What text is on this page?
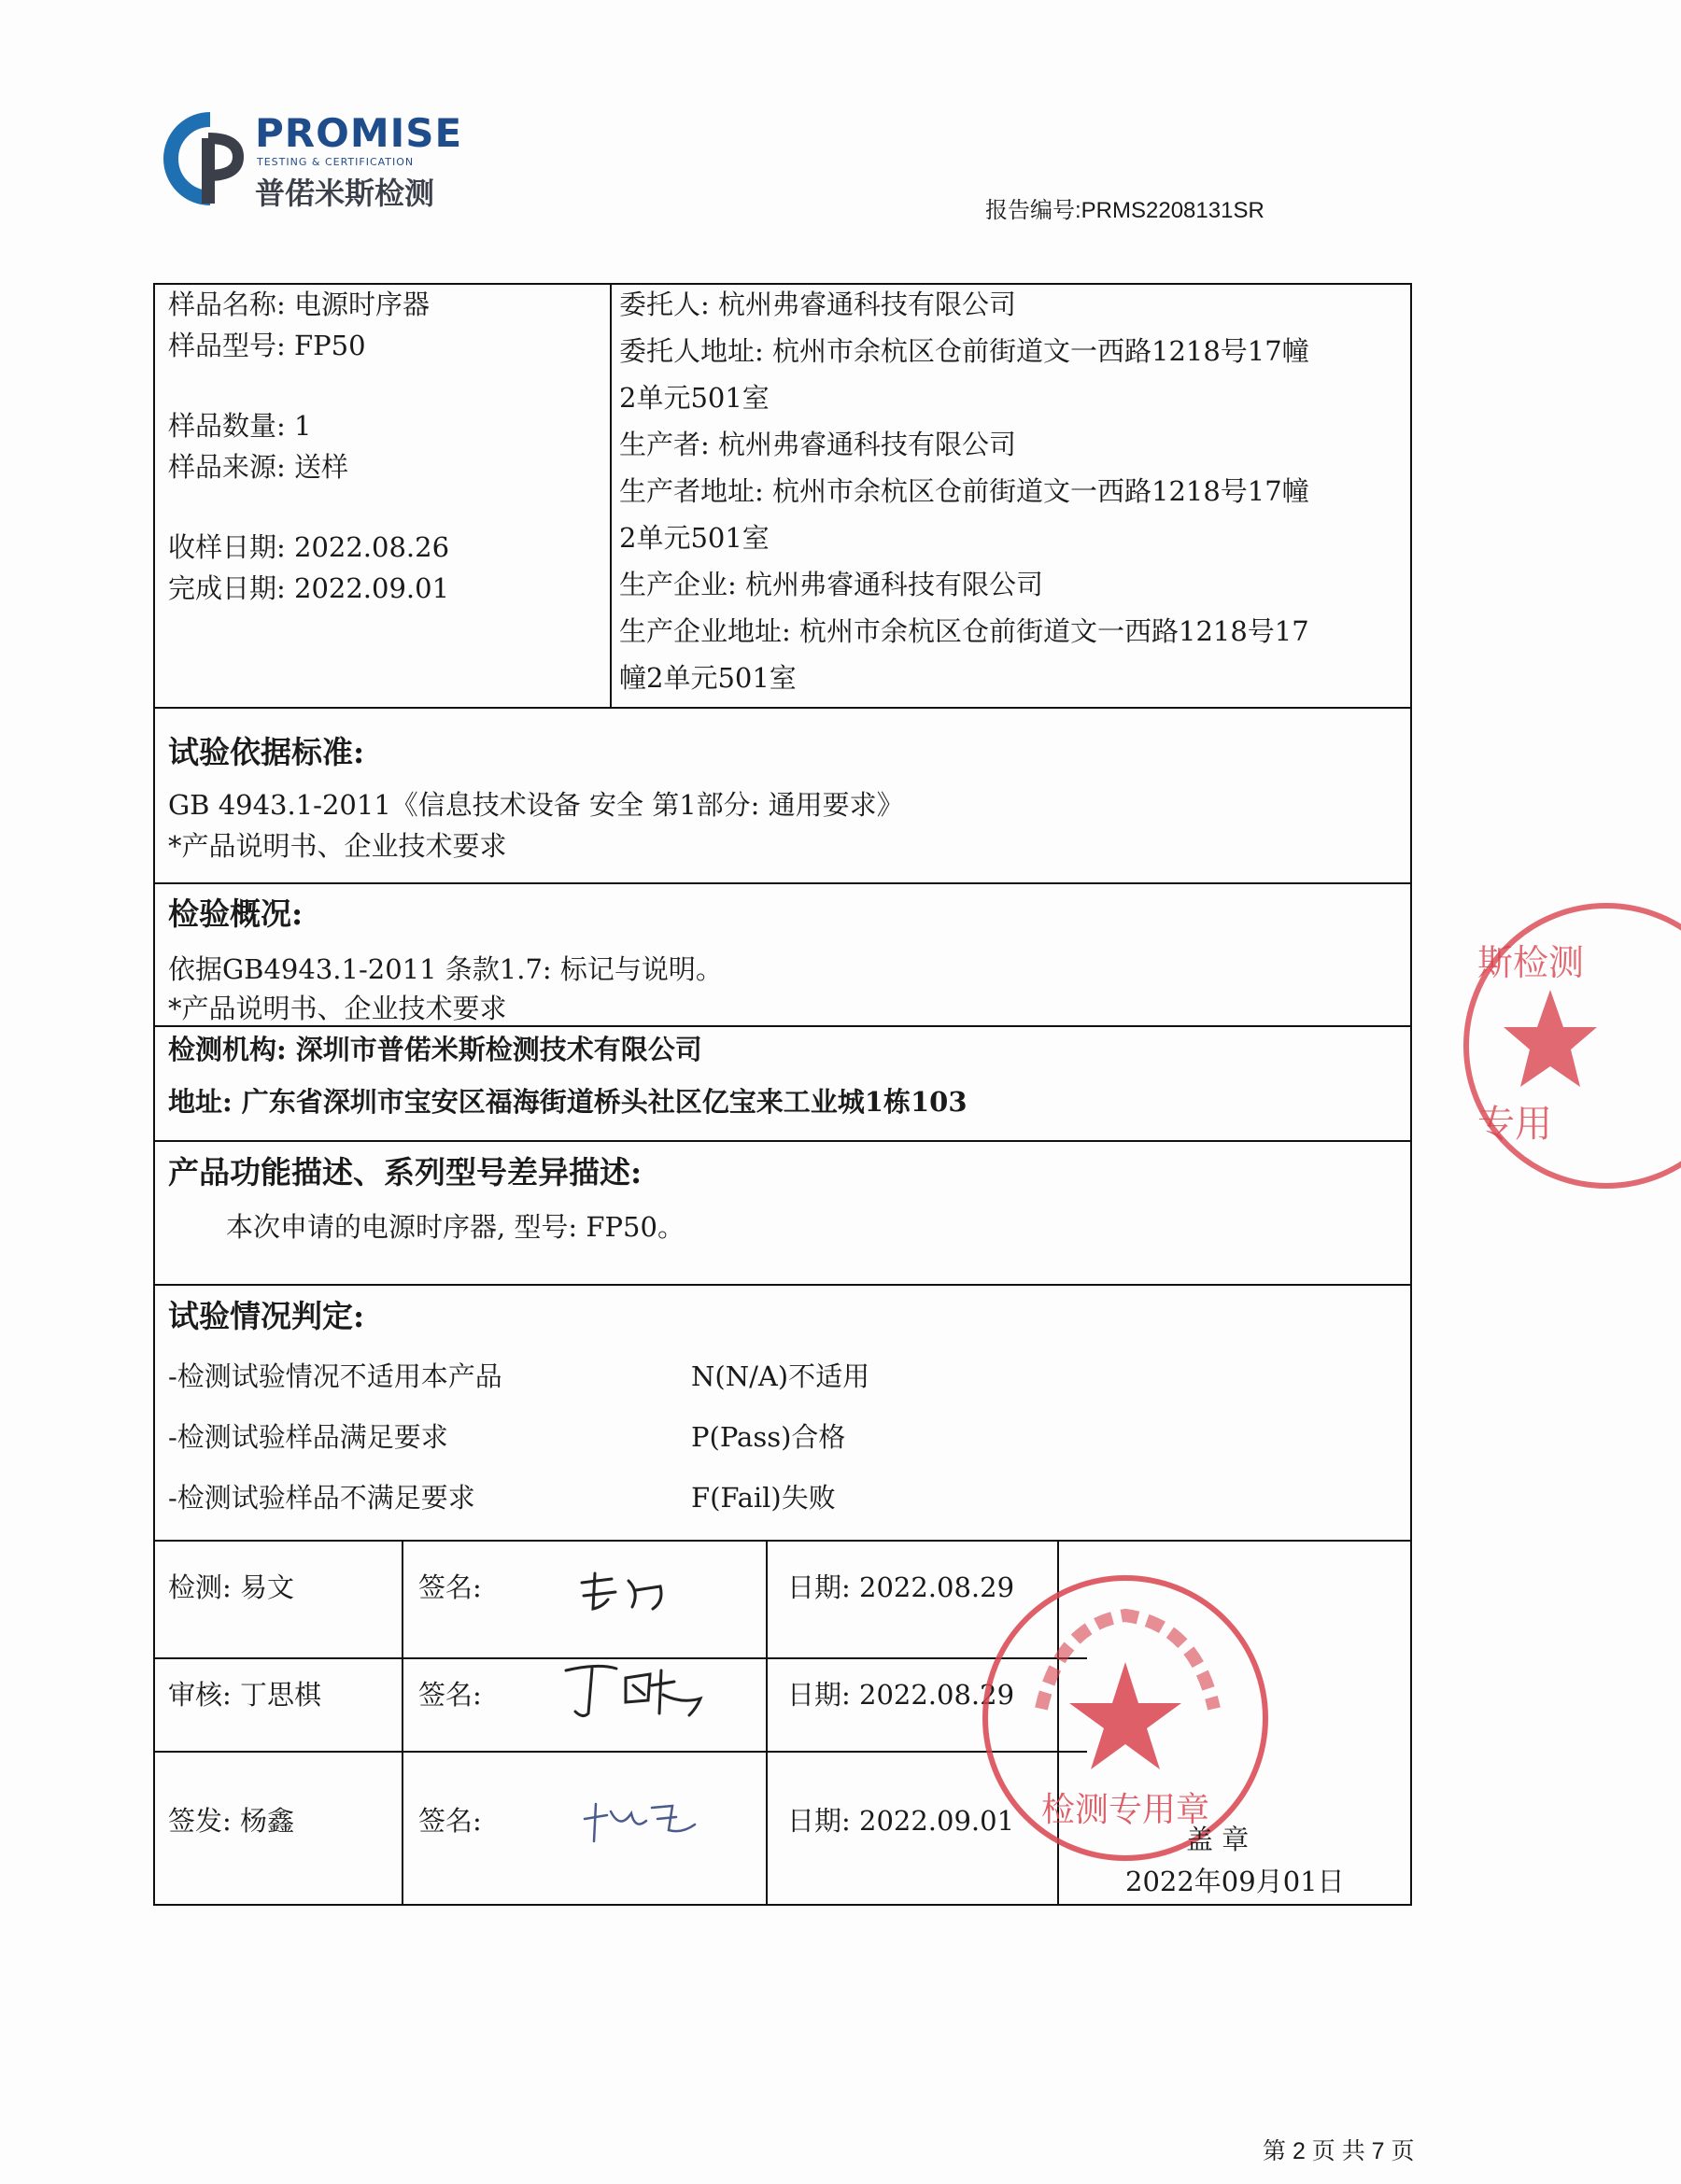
PROMISE
TESTING & CERTIFICATION
普偌米斯检测	报告编号:PRMS2208131SR
样品名称: 电源时序器
样品型号: FP50
样品数量: 1
样品来源: 送样
收样日期: 2022.08.26
完成日期: 2022.09.01
委托人: 杭州弗睿通科技有限公司
委托人地址: 杭州市余杭区仓前街道文一西路1218号17幢
2单元501室
生产者: 杭州弗睿通科技有限公司
生产者地址: 杭州市余杭区仓前街道文一西路1218号17幢
2单元501室
生产企业: 杭州弗睿通科技有限公司
生产企业地址: 杭州市余杭区仓前街道文一西路1218号17
幢2单元501室
试验依据标准:
GB 4943.1-2011《信息技术设备 安全 第1部分: 通用要求》
*产品说明书、企业技术要求
检验概况:
依据GB4943.1-2011 条款1.7: 标记与说明。
*产品说明书、企业技术要求
检测机构: 深圳市普偌米斯检测技术有限公司
地址: 广东省深圳市宝安区福海街道桥头社区亿宝来工业城1栋103
产品功能描述、系列型号差异描述:
本次申请的电源时序器, 型号: FP50。
试验情况判定:
-检测试验情况不适用本产品	N(N/A)不适用
-检测试验样品满足要求	P(Pass)合格
-检测试验样品不满足要求	F(Fail)失败
检测: 易文	签名:	日期: 2022.08.29
审核: 丁思棋	签名:	日期: 2022.08.29
签发: 杨鑫	签名:	日期: 2022.09.01 检测专用章
盖 章
2022年09月01日
斯检测
专用
第 2 页 共 7 页
